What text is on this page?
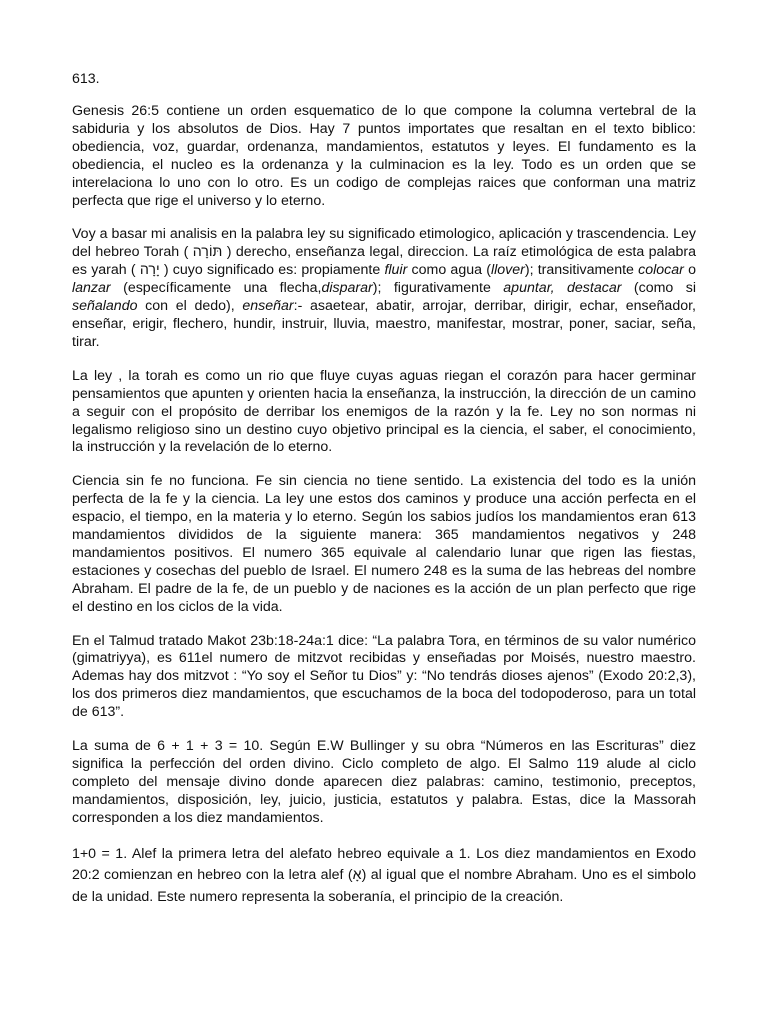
613.

Genesis 26:5 contiene un orden esquematico de lo que compone la columna vertebral de la sabiduria y los absolutos de Dios. Hay 7 puntos importates que resaltan en el texto biblico: obediencia, voz, guardar, ordenanza, mandamientos, estatutos y leyes. El fundamento es la obediencia, el nucleo es la ordenanza y la culminacion es la ley. Todo es un orden que se interelaciona lo uno con lo otro. Es un codigo de complejas raices que conforman una matriz perfecta que rige el universo y lo eterno.

Voy a basar mi analisis en la palabra ley su significado etimologico, aplicación y trascendencia. Ley del hebreo Torah ( תּוֹרָה ) derecho, enseñanza legal, direccion. La raíz etimológica de esta palabra es yarah ( יָרָה ) cuyo significado es: propiamente fluir como agua (llover); transitivamente colocar o lanzar (específicamente una flecha,disparar); figurativamente apuntar, destacar (como si señalando con el dedo), enseñar:- asaetear, abatir, arrojar, derribar, dirigir, echar, enseñador, enseñar, erigir, flechero, hundir, instruir, lluvia, maestro, manifestar, mostrar, poner, saciar, seña, tirar.

La ley , la torah es como un rio que fluye cuyas aguas riegan el corazón para hacer germinar pensamientos que apunten y orienten hacia la enseñanza, la instrucción, la dirección de un camino a seguir con el propósito de derribar los enemigos de la razón y la fe. Ley no son normas ni legalismo religioso sino un destino cuyo objetivo principal es la ciencia, el saber, el conocimiento, la instrucción y la revelación de lo eterno.

Ciencia sin fe no funciona. Fe sin ciencia no tiene sentido. La existencia del todo es la unión perfecta de la fe y la ciencia. La ley une estos dos caminos y produce una acción perfecta en el espacio, el tiempo, en la materia y lo eterno. Según los sabios judíos los mandamientos eran 613 mandamientos divididos de la siguiente manera: 365 mandamientos negativos y 248 mandamientos positivos. El numero 365 equivale al calendario lunar que rigen las fiestas, estaciones y cosechas del pueblo de Israel. El numero 248 es la suma de las hebreas del nombre Abraham. El padre de la fe, de un pueblo y de naciones es la acción de un plan perfecto que rige el destino en los ciclos de la vida.

En el Talmud tratado Makot 23b:18-24a:1 dice: “La palabra Tora, en términos de su valor numérico (gimatriyya), es 611el numero de mitzvot recibidas y enseñadas por Moisés, nuestro maestro. Ademas hay dos mitzvot : “Yo soy el Señor tu Dios” y: “No tendrás dioses ajenos” (Exodo 20:2,3), los dos primeros diez mandamientos, que escuchamos de la boca del todopoderoso, para un total de 613”.

La suma de 6 + 1 + 3 = 10. Según E.W Bullinger y su obra “Números en las Escrituras” diez significa la perfección del orden divino. Ciclo completo de algo. El Salmo 119 alude al ciclo completo del mensaje divino donde aparecen diez palabras: camino, testimonio, preceptos, mandamientos, disposición, ley, juicio, justicia, estatutos y palabra. Estas, dice la Massorah corresponden a los diez mandamientos.

1+0 = 1. Alef la primera letra del alefato hebreo equivale a 1. Los diez mandamientos en Exodo 20:2 comienzan en hebreo con la letra alef (אָ) al igual que el nombre Abraham. Uno es el simbolo de la unidad. Este numero representa la soberanía, el principio de la creación.
